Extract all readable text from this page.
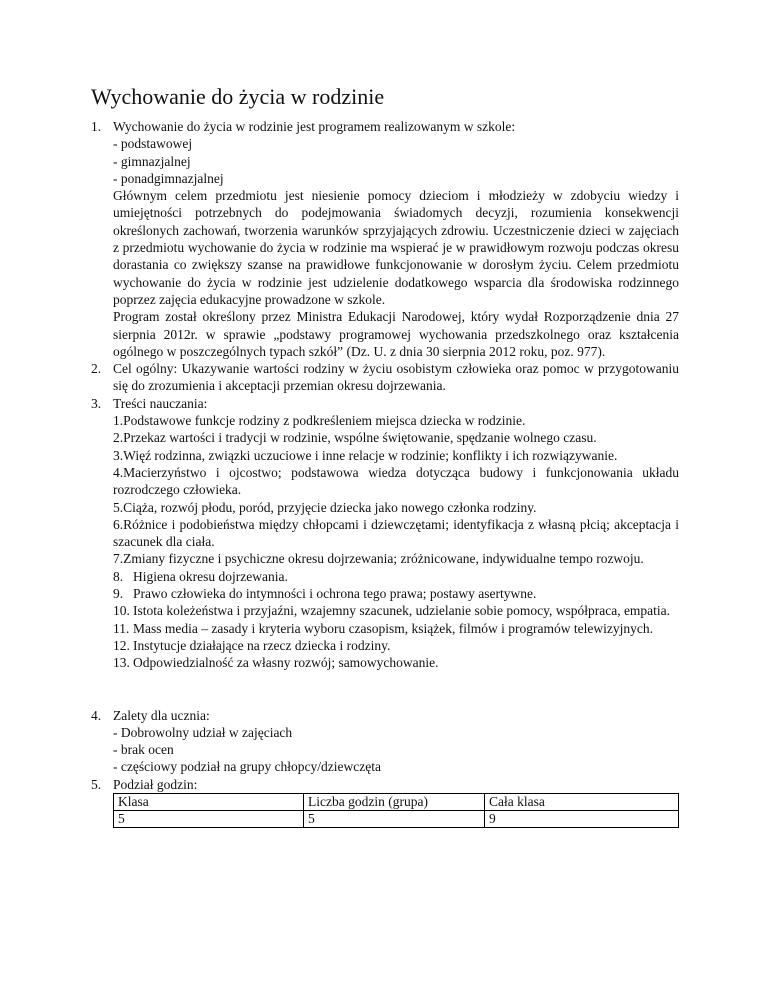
Wychowanie do życia w rodzinie
1. Wychowanie do życia w rodzinie jest programem realizowanym w szkole:

- podstawowej

- gimnazjalnej

- ponadgimnazjalnej

Głównym celem przedmiotu jest niesienie pomocy dzieciom i młodzieży w zdobyciu wiedzy i umiejętności potrzebnych do podejmowania świadomych decyzji, rozumienia konsekwencji określonych zachowań, tworzenia warunków sprzyjających zdrowiu. Uczestniczenie dzieci w zajęciach z przedmiotu wychowanie do życia w rodzinie ma wspierać je w prawidłowym rozwoju podczas okresu dorastania co zwiększy szanse na prawidłowe funkcjonowanie w dorosłym życiu. Celem przedmiotu wychowanie do życia w rodzinie jest udzielenie dodatkowego wsparcia dla środowiska rodzinnego poprzez zajęcia edukacyjne prowadzone w szkole.

Program został określony przez Ministra Edukacji Narodowej, który wydał Rozporządzenie dnia 27 sierpnia 2012r. w sprawie „podstawy programowej wychowania przedszkolnego oraz kształcenia ogólnego w poszczególnych typach szkół” (Dz. U. z dnia 30 sierpnia 2012 roku, poz. 977).

2. Cel ogólny: Ukazywanie wartości rodziny w życiu osobistym człowieka oraz pomoc w przygotowaniu się do zrozumienia i akceptacji przemian okresu dojrzewania.

3. Treści nauczania:

1.Podstawowe funkcje rodziny z podkreśleniem miejsca dziecka w rodzinie.

2.Przekaz wartości i tradycji w rodzinie, wspólne świętowanie, spędzanie wolnego czasu.

3.Więź rodzinna, związki uczuciowe i inne relacje w rodzinie; konflikty i ich rozwiązywanie.

4.Macierzyństwo i ojcostwo; podstawowa wiedza dotycząca budowy i funkcjonowania układu rozrodczego człowieka.

5.Ciąża, rozwój płodu, poród, przyjęcie dziecka jako nowego członka rodziny.

6.Różnice i podobieństwa między chłopcami i dziewczętami; identyfikacja z własną płcią; akceptacja i szacunek dla ciała.

7.Zmiany fizyczne i psychiczne okresu dojrzewania; zróżnicowane, indywidualne tempo rozwoju.

8. Higiena okresu dojrzewania.

9. Prawo człowieka do intymności i ochrona tego prawa; postawy asertywne.

10. Istota koleżeństwa i przyjaźni, wzajemny szacunek, udzielanie sobie pomocy, współpraca, empatia.

11. Mass media – zasady i kryteria wyboru czasopism, książek, filmów i programów telewizyjnych.

12. Instytucje działające na rzecz dziecka i rodziny.

13. Odpowiedzialność za własny rozwój; samowychowanie.

4. Zalety dla ucznia:

- Dobrowolny udział w zajęciach

- brak ocen

- częściowy podział na grupy chłopcy/dziewczęta

5. Podział godzin:

Klasa	Liczba godzin (grupa)	Cała klasa
5	5	9
